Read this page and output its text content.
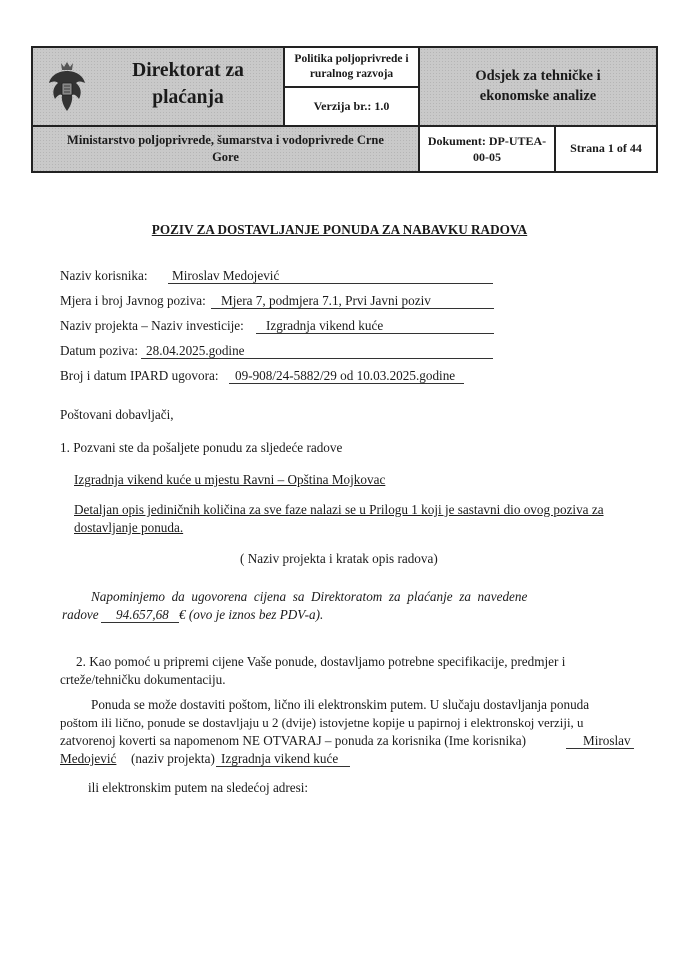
Direktorat za
plaćanja
Politika poljoprivrede i
ruralnog razvoja
Verzija br.: 1.0
Odsjek za tehničke i
ekonomske analize
Ministarstvo poljoprivrede, šumarstva i vodoprivrede Crne
Gore
Dokument: DP-UTEA-
00-05
Strana 1 of 44
POZIV ZA DOSTAVLJANJE PONUDA ZA NABAVKU RADOVA
Naziv korisnika: Miroslav Medojević
Mjera i broj Javnog poziva: Mjera 7, podmjera 7.1, Prvi Javni poziv
Naziv projekta – Naziv investicije: Izgradnja vikend kuće
Datum poziva: 28.04.2025.godine
Broj i datum IPARD ugovora: 09-908/24-5882/29 od 10.03.2025.godine
Poštovani dobavljači,
1. Pozvani ste da pošaljete ponudu za sljedeće radove
Izgradnja vikend kuće u mjestu Ravni – Opština Mojkovac
Detaljan opis jediničnih količina za sve faze nalazi se u Prilogu 1 koji je sastavni dio ovog poziva za
dostavljanje ponuda.
( Naziv projekta i kratak opis radova)
Napominjemo  da  ugovorena  cijena  sa  Direktoratom  za  plaćanje  za  navedene
radove 94.657,68 € (ovo je iznos bez PDV-a).
2. Kao pomoć u pripremi cijene Vaše ponude, dostavljamo potrebne specifikacije, predmjer i
crteže/tehničku dokumentaciju.
Ponuda se može dostaviti poštom, lično ili elektronskim putem. U slučaju dostavljanja ponuda
poštom ili lično, ponude se dostavljaju u 2 (dvije) istovjetne kopije u papirnoj i elektronskoj verziji, u
zatvorenoj koverti sa napomenom NE OTVARAJ – ponuda za korisnika (Ime korisnika)	Miroslav
Medojević (naziv projekta) Izgradnja vikend kuće
ili elektronskim putem na sledećoj adresi:
